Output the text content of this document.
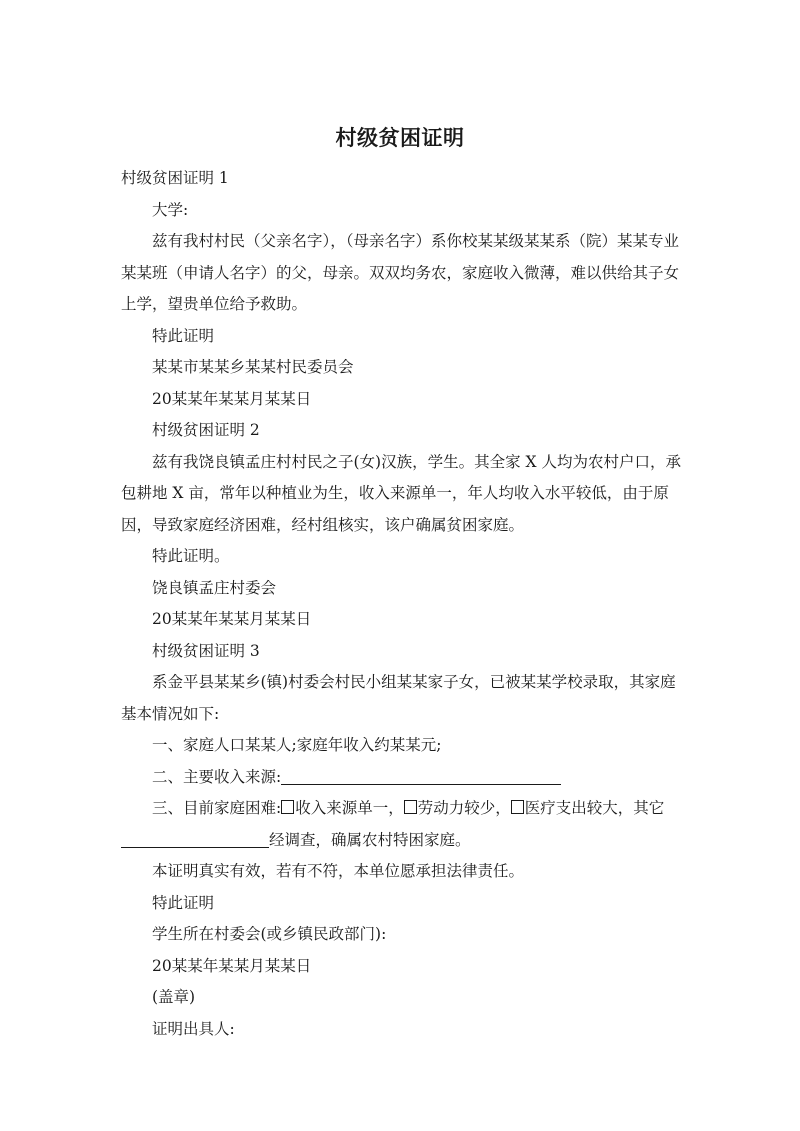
村级贫困证明

村级贫困证明 1

大学:

兹有我村村民（父亲名字），（母亲名字）系你校某某级某某系（院）某某专业某某班（申请人名字）的父，母亲。双双均务农，家庭收入微薄，难以供给其子女上学，望贵单位给予救助。

特此证明

某某市某某乡某某村民委员会

20某某年某某月某某日

村级贫困证明 2

兹有我饶良镇孟庄村村民之子(女)汉族，学生。其全家 X 人均为农村户口，承包耕地 X 亩，常年以种植业为生，收入来源单一，年人均收入水平较低，由于原因，导致家庭经济困难，经村组核实，该户确属贫困家庭。

特此证明。

饶良镇孟庄村委会

20某某年某某月某某日

村级贫困证明 3

系金平县某某乡(镇)村委会村民小组某某家子女，已被某某学校录取，其家庭基本情况如下:

一、家庭人口某某人;家庭年收入约某某元;

二、主要收入来源:

三、目前家庭困难: 收入来源单一， 劳动力较少， 医疗支出较大，其它经调查，确属农村特困家庭。

本证明真实有效，若有不符，本单位愿承担法律责任。

特此证明

学生所在村委会(或乡镇民政部门):

20某某年某某月某某日

(盖章)

证明出具人:
